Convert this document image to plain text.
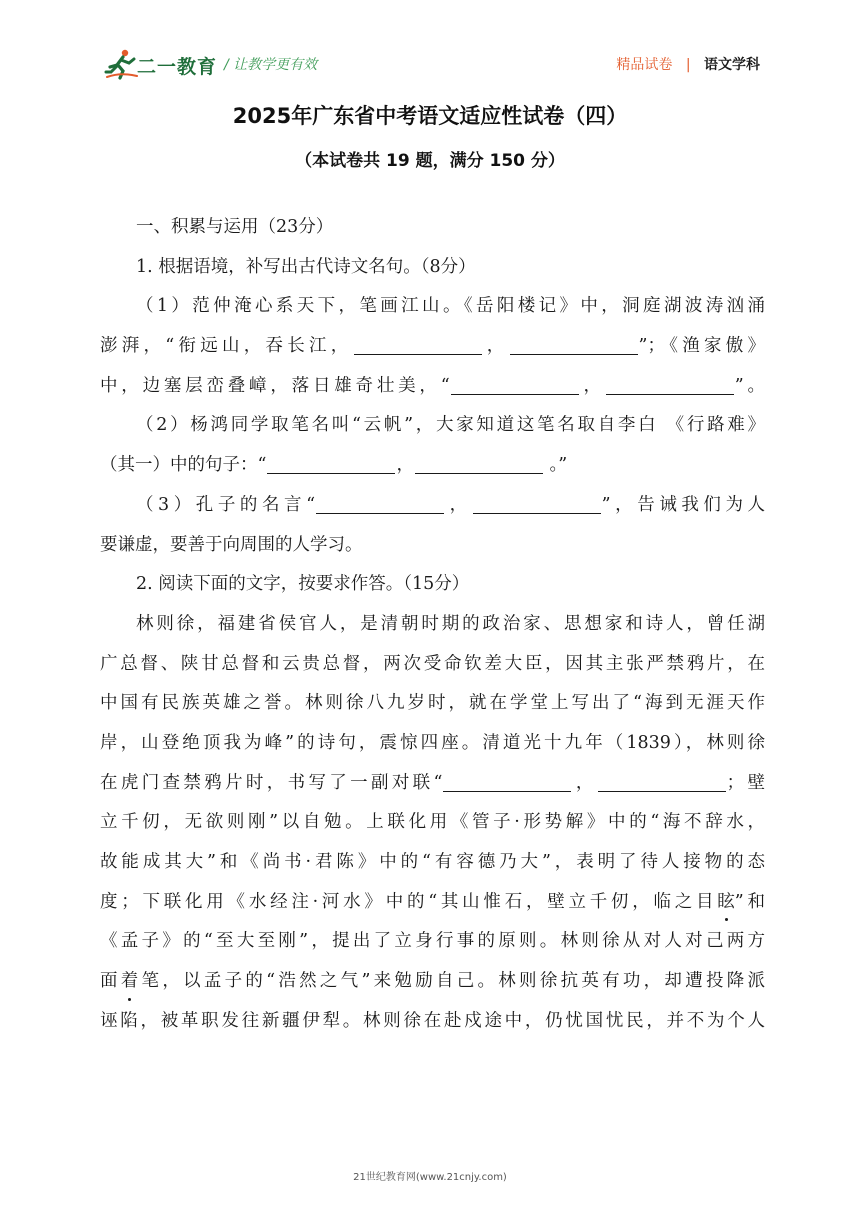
二一教育 / 让教学更有效	精品试卷 | 语文学科
2025年广东省中考语文适应性试卷（四）
（本试卷共 19 题，满分 150 分）
一、积累与运用（23分）
1. 根据语境，补写出古代诗文名句。（8分）
（1）范仲淹心系天下，笔画江山。《岳阳楼记》中，洞庭湖波涛汹涌
澎湃，“衔远山，吞长江，	，	”；《渔家傲》
中，边塞层峦叠嶂，落日雄奇壮美，“	，	”。
（2）杨鸿同学取笔名叫“云帆”，大家知道这笔名取自李白 《行路难》
（其一）中的句子：“	，	。”
（3）孔子的名言“	，	”，告诫我们为人
要谦虚，要善于向周围的人学习。
2. 阅读下面的文字，按要求作答。（15分）
林则徐，福建省侯官人，是清朝时期的政治家、思想家和诗人，曾任湖
广总督、陕甘总督和云贵总督，两次受命钦差大臣，因其主张严禁鸦片，在
中国有民族英雄之誉。林则徐八九岁时，就在学堂上写出了“海到无涯天作
岸，山登绝顶我为峰”的诗句，震惊四座。清道光十九年（1839），林则徐
在虎门查禁鸦片时，书写了一副对联“	，	；壁
立千仞，无欲则刚”以自勉。上联化用《管子·形势解》中的“海不辞水，
故能成其大”和《尚书·君陈》中的“有容德乃大”，表明了待人接物的态
度；下联化用《水经注·河水》中的“其山惟石，壁立千仞，临之目眩”和
《孟子》的“至大至刚”，提出了立身行事的原则。林则徐从对人对己两方
面着笔，以孟子的“浩然之气”来勉励自己。林则徐抗英有功，却遭投降派
诬陷，被革职发往新疆伊犁。林则徐在赴戍途中，仍忧国忧民，并不为个人
21世纪教育网(www.21cnjy.com)
